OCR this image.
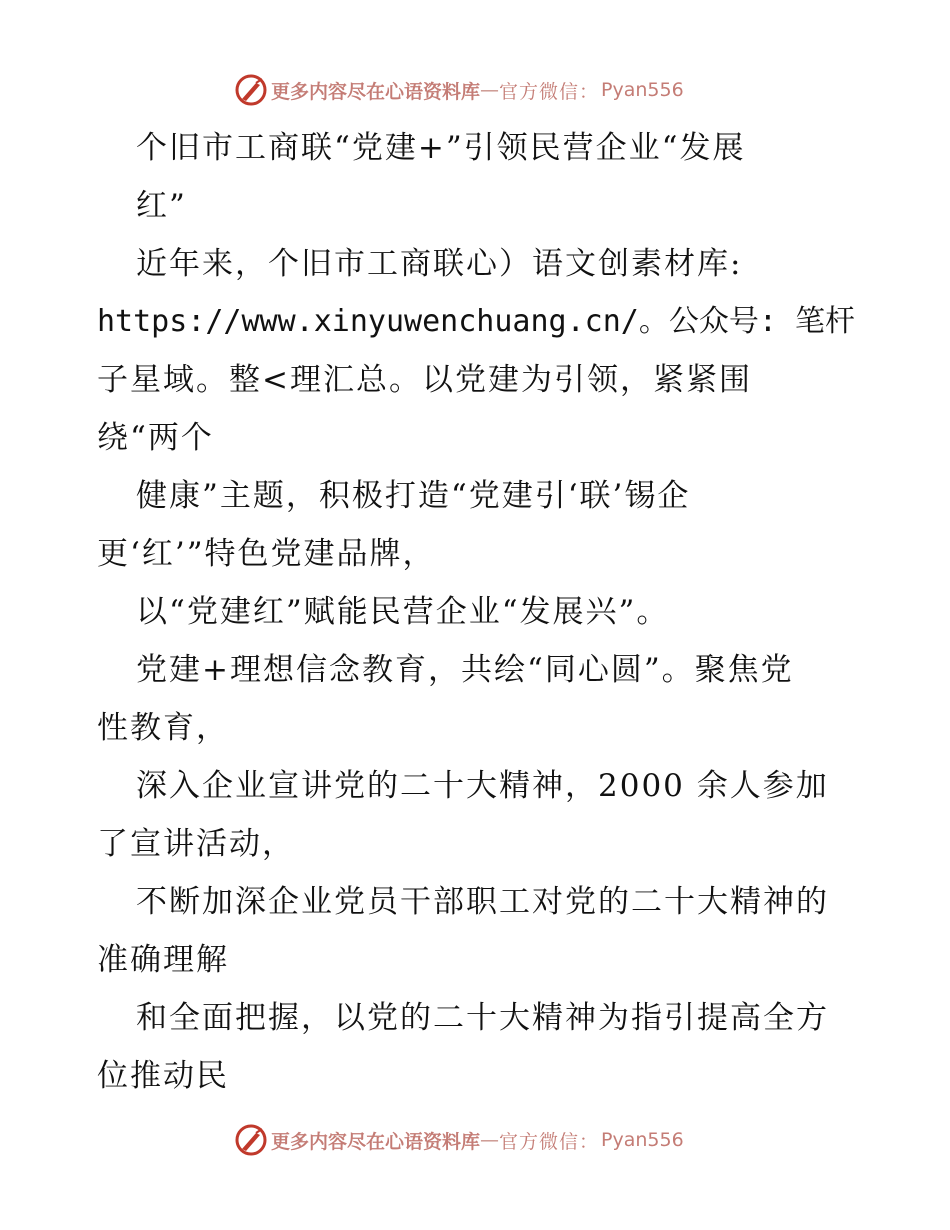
更多内容尽在心语资料库 — 官方微信： Pyan556
个旧市工商联“党建+”引领民营企业“发展
红”
近年来，个旧市工商联心）语文创素材库:
https://www.xinyuwenchuang.cn/。公众号: 笔杆
子星域。整<理汇总。以党建为引领，紧紧围
绕“两个
健康”主题，积极打造“党建引‘联’锡企
更‘红’”特色党建品牌，
以“党建红”赋能民营企业“发展兴”。
党建+理想信念教育，共绘“同心圆”。聚焦党
性教育，
深入企业宣讲党的二十大精神，2000 余人参加
了宣讲活动，
不断加深企业党员干部职工对党的二十大精神的
准确理解
和全面把握，以党的二十大精神为指引提高全方
位推动民
更多内容尽在心语资料库 — 官方微信： Pyan556
